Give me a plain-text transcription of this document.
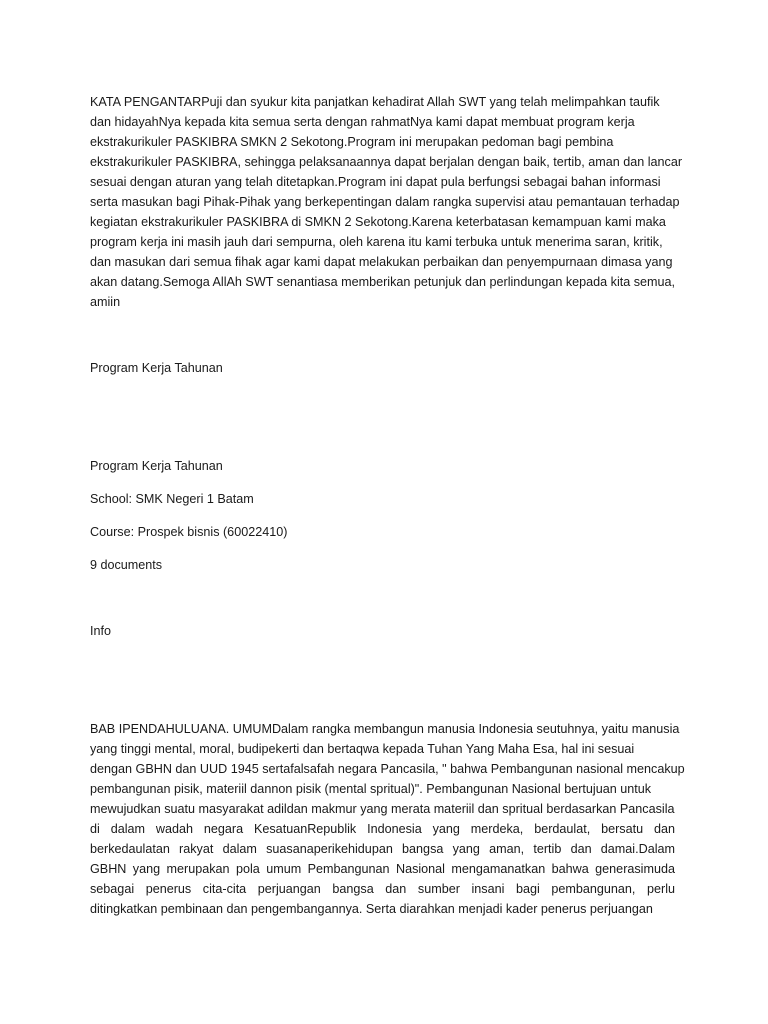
KATA PENGANTARPuji dan syukur kita panjatkan kehadirat Allah SWT yang telah melimpahkan taufik
dan hidayahNya kepada kita semua serta dengan rahmatNya kami dapat membuat program kerja
ekstrakurikuler PASKIBRA SMKN 2 Sekotong.Program ini merupakan pedoman bagi pembina
ekstrakurikuler PASKIBRA, sehingga pelaksanaannya dapat berjalan dengan baik, tertib, aman dan lancar
sesuai dengan aturan yang telah ditetapkan.Program ini dapat pula berfungsi sebagai bahan informasi
serta masukan bagi Pihak-Pihak yang berkepentingan dalam rangka supervisi atau pemantauan terhadap
kegiatan ekstrakurikuler PASKIBRA di SMKN 2 Sekotong.Karena keterbatasan kemampuan kami maka
program kerja ini masih jauh dari sempurna, oleh karena itu kami terbuka untuk menerima saran, kritik,
dan masukan dari semua fihak agar kami dapat melakukan perbaikan dan penyempurnaan dimasa yang
akan datang.Semoga AllAh SWT senantiasa memberikan petunjuk dan perlindungan kepada kita semua,
amiin
Program Kerja Tahunan
Program Kerja Tahunan
School: SMK Negeri 1 Batam
Course: Prospek bisnis (60022410)
9 documents
Info
BAB IPENDAHULUANA. UMUMDalam rangka membangun manusia Indonesia seutuhnya, yaitu manusia
yang tinggi mental, moral, budipekerti dan bertaqwa kepada Tuhan Yang Maha Esa, hal ini sesuai
dengan GBHN dan UUD 1945 sertafalsafah negara Pancasila, " bahwa Pembangunan nasional mencakup
pembangunan pisik, materiil dannon pisik (mental spritual)". Pembangunan Nasional bertujuan untuk
mewujudkan suatu masyarakat adildan makmur yang merata materiil dan spritual berdasarkan Pancasila
di dalam wadah negara KesatuanRepublik Indonesia yang merdeka, berdaulat, bersatu dan
berkedaulatan rakyat dalam suasanaperikehidupan bangsa yang aman, tertib dan damai.Dalam
GBHN yang merupakan pola umum Pembangunan Nasional mengamanatkan bahwa generasimuda
sebagai penerus cita-cita perjuangan bangsa dan sumber insani bagi pembangunan, perlu
ditingkatkan pembinaan dan pengembangannya. Serta diarahkan menjadi kader penerus perjuangan
